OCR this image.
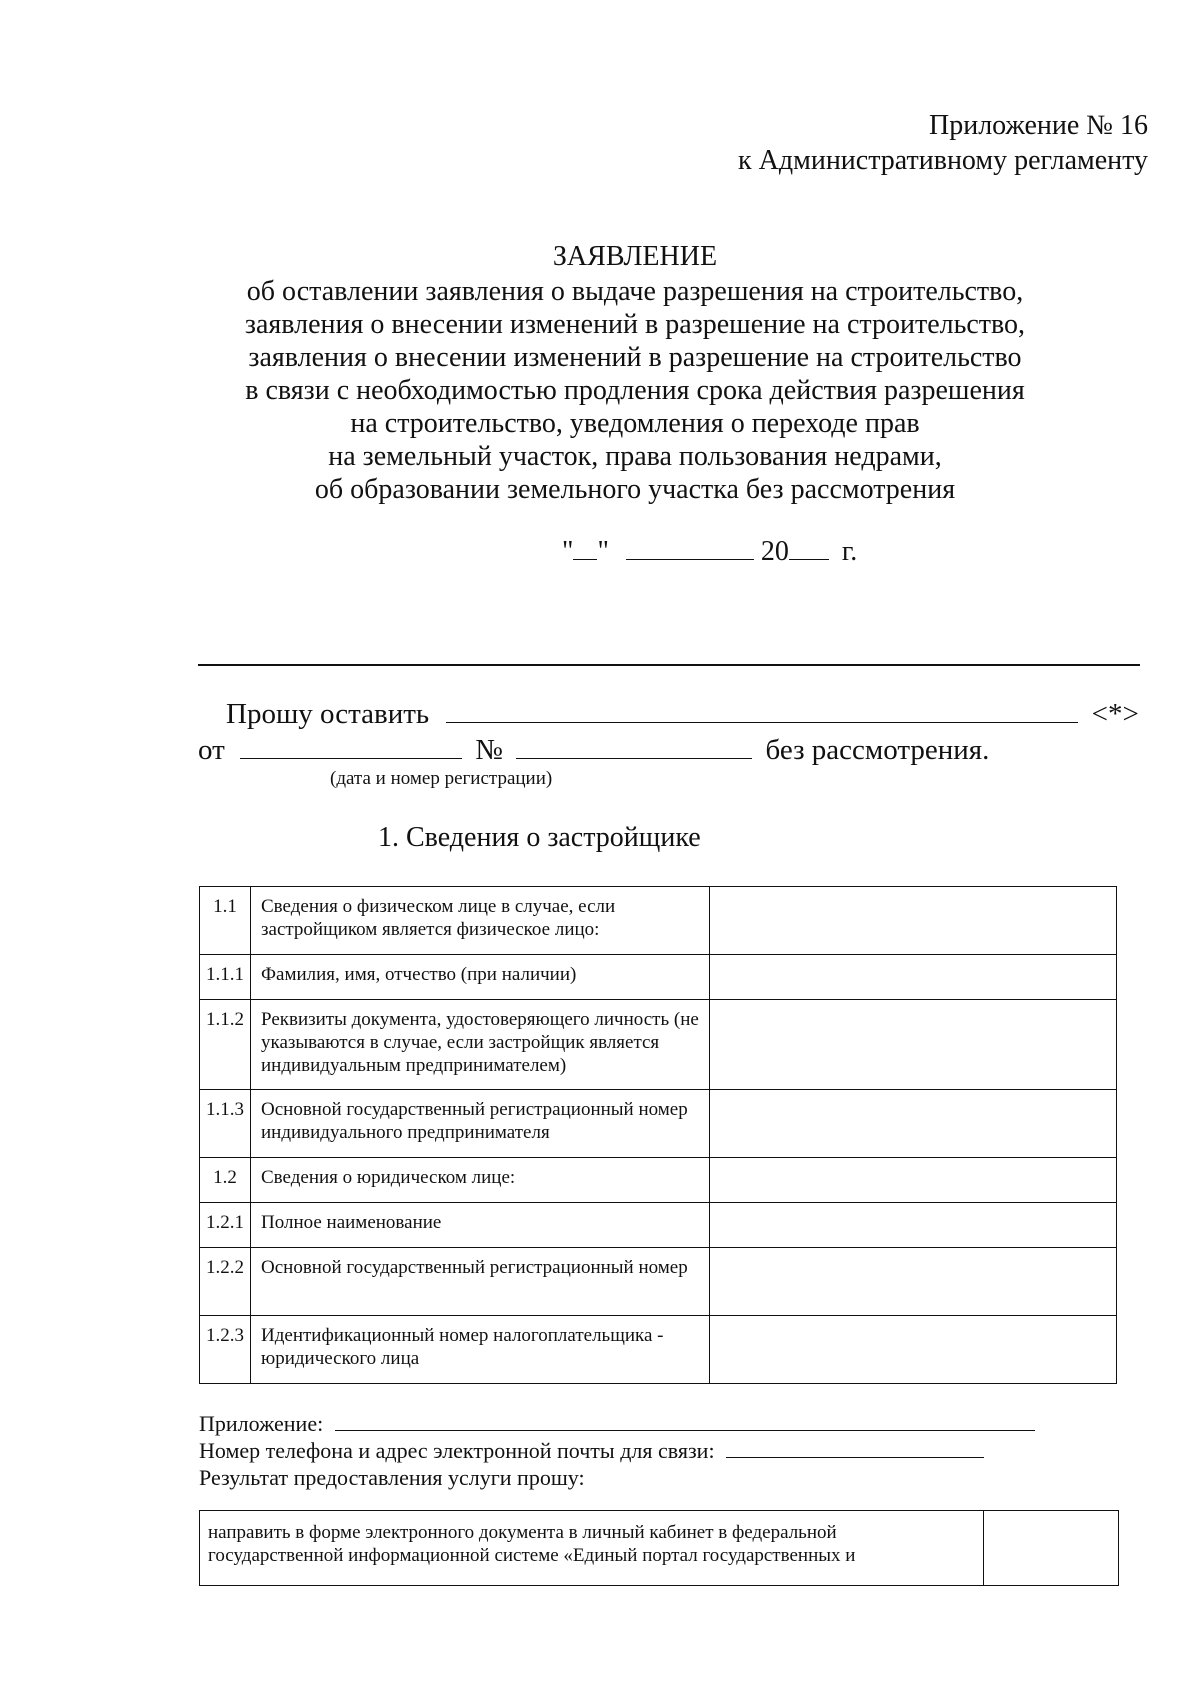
Приложение № 16
к Административному регламенту
ЗАЯВЛЕНИЕ
об оставлении заявления о выдаче разрешения на строительство,
заявления о внесении изменений в разрешение на строительство,
заявления о внесении изменений в разрешение на строительство
в связи с необходимостью продления срока действия разрешения
на строительство, уведомления о переходе прав
на земельный участок, права пользования недрами,
об образовании земельного участка без рассмотрения
" "	20 г.
Прошу оставить	<*>
от	№	без рассмотрения.
(дата и номер регистрации)
1. Сведения о застройщике
1.1	Сведения о физическом лице в случае, если застройщиком является физическое лицо:	
1.1.1	Фамилия, имя, отчество (при наличии)	
1.1.2	Реквизиты документа, удостоверяющего личность (не указываются в случае, если застройщик является индивидуальным предпринимателем)	
1.1.3	Основной государственный регистрационный номер индивидуального предпринимателя	
1.2	Сведения о юридическом лице:	
1.2.1	Полное наименование	
1.2.2	Основной государственный регистрационный номер	
1.2.3	Идентификационный номер налогоплательщика - юридического лица	
Приложение:
Номер телефона и адрес электронной почты для связи:
Результат предоставления услуги прошу:
направить в форме электронного документа в личный кабинет в федеральной государственной информационной системе «Единый портал государственных и	
